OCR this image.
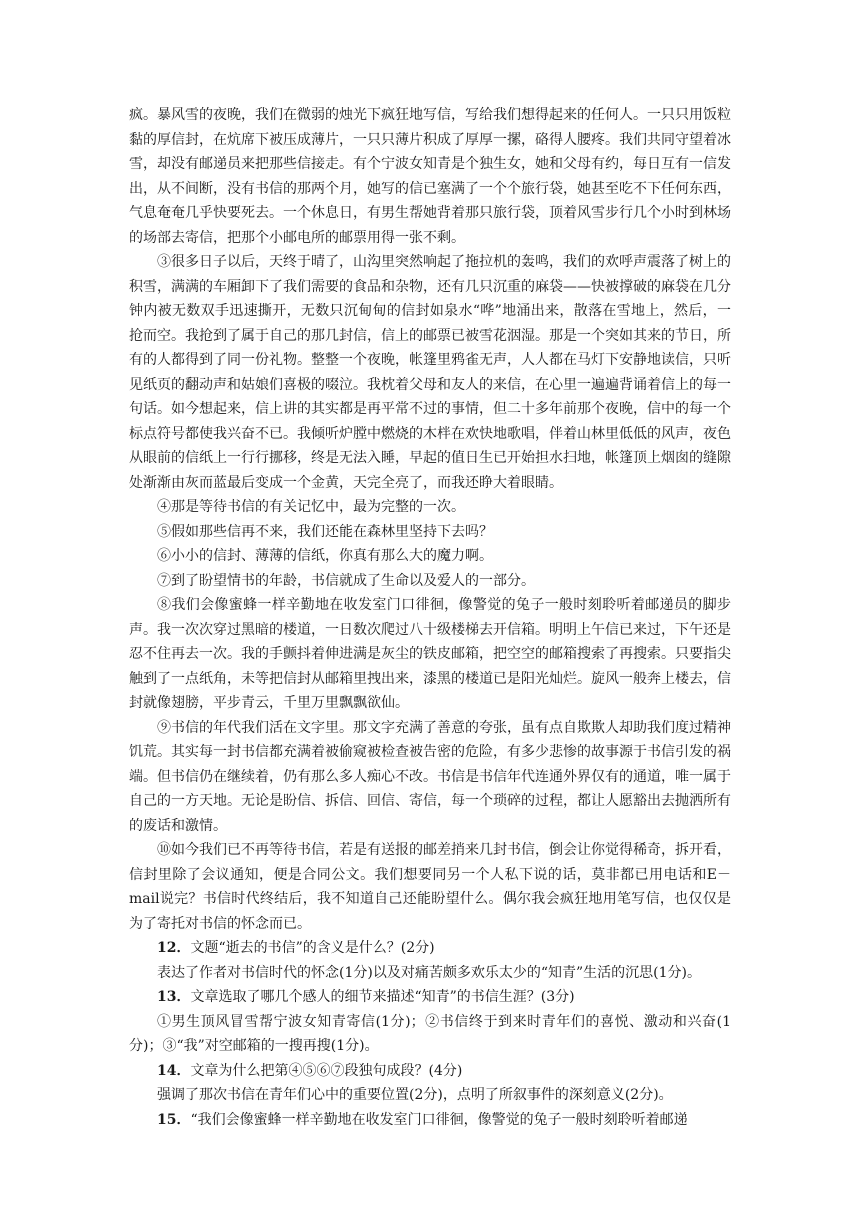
疯。暴风雪的夜晚，我们在微弱的烛光下疯狂地写信，写给我们想得起来的任何人。一只只用饭粒黏的厚信封，在炕席下被压成薄片，一只只薄片积成了厚厚一摞，硌得人腰疼。我们共同守望着冰雪，却没有邮递员来把那些信接走。有个宁波女知青是个独生女，她和父母有约，每日互有一信发出，从不间断，没有书信的那两个月，她写的信已塞满了一个个旅行袋，她甚至吃不下任何东西，气息奄奄几乎快要死去。一个休息日，有男生帮她背着那只旅行袋，顶着风雪步行几个小时到林场的场部去寄信，把那个小邮电所的邮票用得一张不剩。

③很多日子以后，天终于晴了，山沟里突然响起了拖拉机的轰鸣，我们的欢呼声震落了树上的积雪，满满的车厢卸下了我们需要的食品和杂物，还有几只沉重的麻袋——快被撑破的麻袋在几分钟内被无数双手迅速撕开，无数只沉甸甸的信封如泉水“哗”地涌出来，散落在雪地上，然后，一抢而空。我抢到了属于自己的那几封信，信上的邮票已被雪花洇湿。那是一个突如其来的节日，所有的人都得到了同一份礼物。整整一个夜晚，帐篷里鸦雀无声，人人都在马灯下安静地读信，只听见纸页的翻动声和姑娘们喜极的啜泣。我枕着父母和友人的来信，在心里一遍遍背诵着信上的每一句话。如今想起来，信上讲的其实都是再平常不过的事情，但二十多年前那个夜晚，信中的每一个标点符号都使我兴奋不已。我倾听炉膛中燃烧的木柈在欢快地歌唱，伴着山林里低低的风声，夜色从眼前的信纸上一行行挪移，终是无法入睡，早起的值日生已开始担水扫地，帐篷顶上烟囱的缝隙处渐渐由灰而蓝最后变成一个金黄，天完全亮了，而我还睁大着眼睛。

④那是等待书信的有关记忆中，最为完整的一次。

⑤假如那些信再不来，我们还能在森林里坚持下去吗？

⑥小小的信封、薄薄的信纸，你真有那么大的魔力啊。

⑦到了盼望情书的年龄，书信就成了生命以及爱人的一部分。

⑧我们会像蜜蜂一样辛勤地在收发室门口徘徊，像警觉的兔子一般时刻聆听着邮递员的脚步声。我一次次穿过黑暗的楼道，一日数次爬过八十级楼梯去开信箱。明明上午信已来过，下午还是忍不住再去一次。我的手颤抖着伸进满是灰尘的铁皮邮箱，把空空的邮箱搜索了再搜索。只要指尖触到了一点纸角，未等把信封从邮箱里拽出来，漆黑的楼道已是阳光灿烂。旋风一般奔上楼去，信封就像翅膀，平步青云，千里万里飘飘欲仙。

⑨书信的年代我们活在文字里。那文字充满了善意的夸张，虽有点自欺欺人却助我们度过精神饥荒。其实每一封书信都充满着被偷窥被检查被告密的危险，有多少悲惨的故事源于书信引发的祸端。但书信仍在继续着，仍有那么多人痴心不改。书信是书信年代连通外界仅有的通道，唯一属于自己的一方天地。无论是盼信、拆信、回信、寄信，每一个琐碎的过程，都让人愿豁出去抛洒所有的废话和激情。

⑩如今我们已不再等待书信，若是有送报的邮差捎来几封书信，倒会让你觉得稀奇，拆开看，信封里除了会议通知，便是合同公文。我们想要同另一个人私下说的话，莫非都已用电话和E－mail说完？书信时代终结后，我不知道自己还能盼望什么。偶尔我会疯狂地用笔写信，也仅仅是为了寄托对书信的怀念而已。

12．文题“逝去的书信”的含义是什么？(2分)

表达了作者对书信时代的怀念(1分)以及对痛苦颇多欢乐太少的“知青”生活的沉思(1分)。

13．文章选取了哪几个感人的细节来描述“知青”的书信生涯？(3分)

①男生顶风冒雪帮宁波女知青寄信(1分)；②书信终于到来时青年们的喜悦、激动和兴奋(1分)；③“我”对空邮箱的一搜再搜(1分)。

14．文章为什么把第④⑤⑥⑦段独句成段？(4分)

强调了那次书信在青年们心中的重要位置(2分)，点明了所叙事件的深刻意义(2分)。

15．“我们会像蜜蜂一样辛勤地在收发室门口徘徊，像警觉的兔子一般时刻聆听着邮递
